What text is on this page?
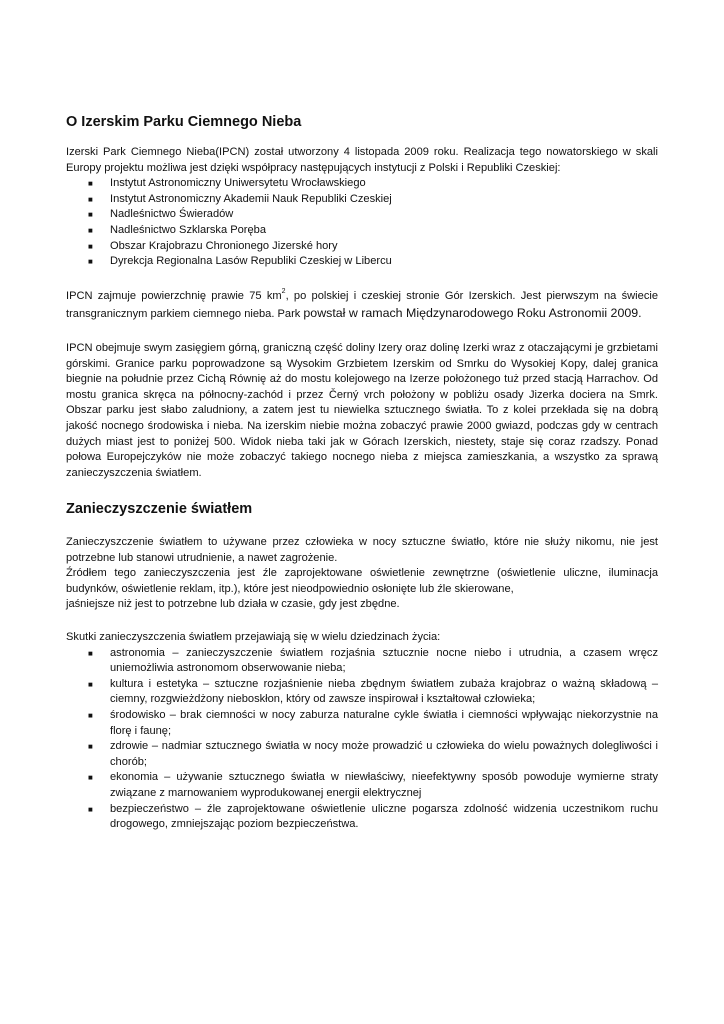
O Izerskim Parku Ciemnego Nieba

Izerski Park Ciemnego Nieba(IPCN) został utworzony 4 listopada 2009 roku. Realizacja tego nowatorskiego w skali Europy projektu możliwa jest dzięki współpracy następujących instytucji z Polski i Republiki Czeskiej:

■ Instytut Astronomiczny Uniwersytetu Wrocławskiego
■ Instytut Astronomiczny Akademii Nauk Republiki Czeskiej
■ Nadleśnictwo Świeradów
■ Nadleśnictwo Szklarska Poręba
■ Obszar Krajobrazu Chronionego Jizerské hory
■ Dyrekcja Regionalna Lasów Republiki Czeskiej w Libercu

IPCN zajmuje powierzchnię prawie 75 $km^2$, po polskiej i czeskiej stronie Gór Izerskich. Jest pierwszym na świecie transgranicznym parkiem ciemnego nieba. Park powstał w ramach Międzynarodowego Roku Astronomii 2009.

IPCN obejmuje swym zasięgiem górną, graniczną część doliny Izery oraz dolinę Izerki wraz z otaczającymi je grzbietami górskimi. Granice parku poprowadzone są Wysokim Grzbietem Izerskim od Smrku do Wysokiej Kopy, dalej granica biegnie na południe przez Cichą Równię aż do mostu kolejowego na Izerze położonego tuż przed stacją Harrachov. Od mostu granica skręca na północny-zachód i przez Černý vrch położony w pobliżu osady Jizerka dociera na Smrk. Obszar parku jest słabo zaludniony, a zatem jest tu niewielka sztucznego światła. To z kolei przekłada się na dobrą jakość nocnego środowiska i nieba. Na izerskim niebie można zobaczyć prawie 2000 gwiazd, podczas gdy w centrach dużych miast jest to poniżej 500. Widok nieba taki jak w Górach Izerskich, niestety, staje się coraz rzadszy. Ponad połowa Europejczyków nie może zobaczyć takiego nocnego nieba z miejsca zamieszkania, a wszystko za sprawą zanieczyszczenia światłem.

Zanieczyszczenie światłem

Zanieczyszczenie światłem to używane przez człowieka w nocy sztuczne światło, które nie służy nikomu, nie jest potrzebne lub stanowi utrudnienie, a nawet zagrożenie.

Źródłem tego zanieczyszczenia jest źle zaprojektowane oświetlenie zewnętrzne (oświetlenie uliczne, iluminacja budynków, oświetlenie reklam, itp.), które jest nieodpowiednio osłonięte lub źle skierowane,

jaśniejsze niż jest to potrzebne lub działa w czasie, gdy jest zbędne.

Skutki zanieczyszczenia światłem przejawiają się w wielu dziedzinach życia:

■ astronomia – zanieczyszczenie światłem rozjaśnia sztucznie nocne niebo i utrudnia, a czasem wręcz uniemożliwia astronomom obserwowanie nieba;
■ kultura i estetyka – sztuczne rozjaśnienie nieba zbędnym światłem zubaża krajobraz o ważną składową – ciemny, rozgwieżdżony nieboskłon, który od zawsze inspirował i kształtował człowieka;
■ środowisko – brak ciemności w nocy zaburza naturalne cykle światła i ciemności wpływając niekorzystnie na florę i faunę;
■ zdrowie – nadmiar sztucznego światła w nocy może prowadzić u człowieka do wielu poważnych dolegliwości i chorób;
■ ekonomia – używanie sztucznego światła w niewłaściwy, nieefektywny sposób powoduje wymierne straty związane z marnowaniem wyprodukowanej energii elektrycznej
■ bezpieczeństwo – źle zaprojektowane oświetlenie uliczne pogarsza zdolność widzenia uczestnikom ruchu drogowego, zmniejszając poziom bezpieczeństwa.
